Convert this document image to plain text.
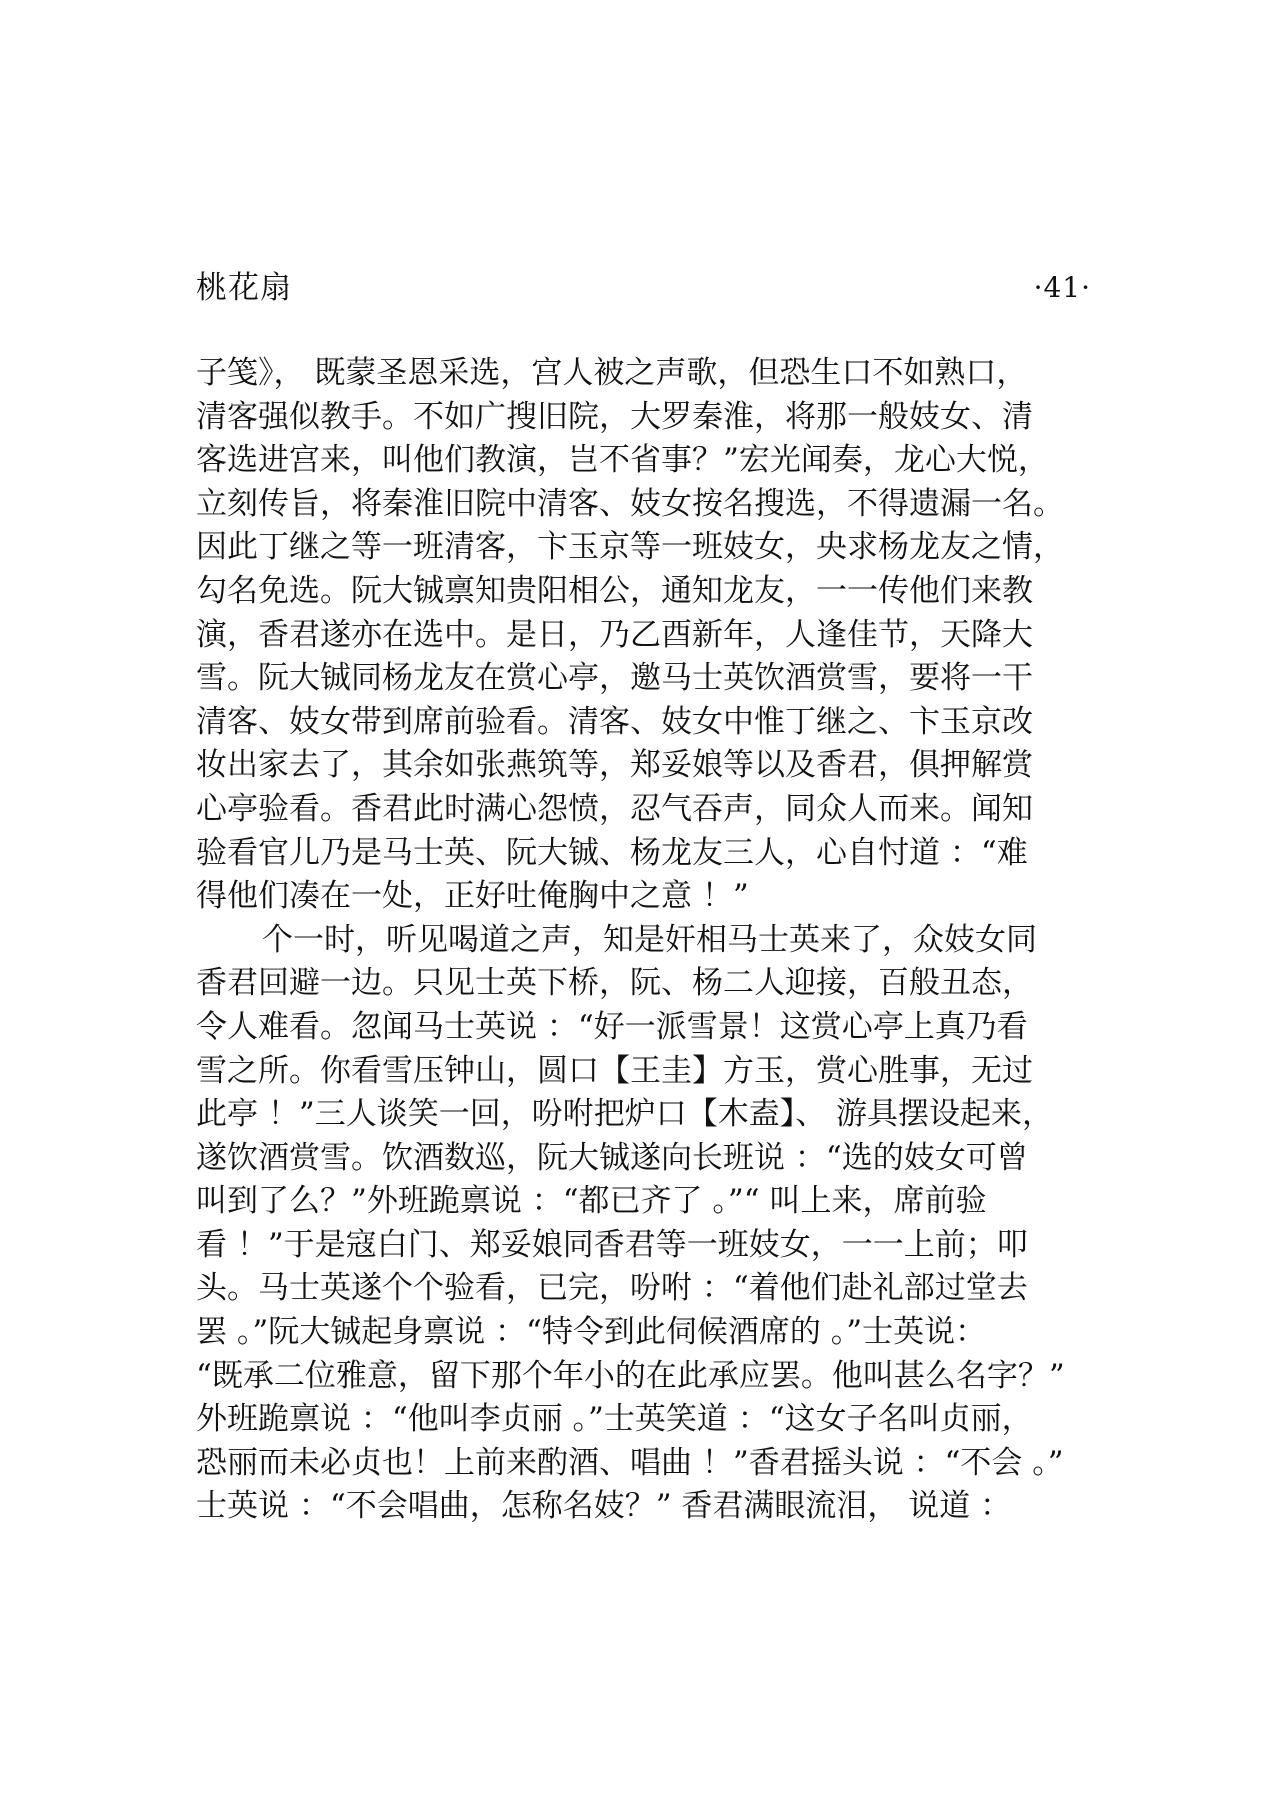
桃花扇	·41·
子笺》， 既蒙圣恩采选，宫人被之声歌，但恐生口不如熟口，
清客强似教手。不如广搜旧院，大罗秦淮，将那一般妓女、清
客选进宫来，叫他们教演，岂不省事？”宏光闻奏，龙心大悦，
立刻传旨，将秦淮旧院中清客、妓女按名搜选，不得遗漏一名。
因此丁继之等一班清客，卞玉京等一班妓女，央求杨龙友之情，
勾名免选。阮大铖禀知贵阳相公，通知龙友，一一传他们来教
演，香君遂亦在选中。是日，乃乙酉新年，人逢佳节，天降大
雪。阮大铖同杨龙友在赏心亭，邀马士英饮酒赏雪，要将一干
清客、妓女带到席前验看。清客、妓女中惟丁继之、卞玉京改
妆出家去了，其余如张燕筑等，郑妥娘等以及香君，俱押解赏
心亭验看。香君此时满心怨愤，忍气吞声，同众人而来。闻知
验看官儿乃是马士英、阮大铖、杨龙友三人，心自忖道 ：“难
得他们凑在一处，正好吐俺胸中之意 ！”
个一时，听见喝道之声，知是奸相马士英来了，众妓女同
香君回避一边。只见士英下桥，阮、杨二人迎接，百般丑态，
令人难看。忽闻马士英说 ：“好一派雪景！这赏心亭上真乃看
雪之所。你看雪压钟山，圆口【王圭】方玉，赏心胜事，无过
此亭 ！”三人谈笑一回，吩咐把炉口【木盍】、 游具摆设起来，
遂饮酒赏雪。饮酒数巡，阮大铖遂向长班说 ：“选的妓女可曾
叫到了么？”外班跪禀说 ：“都已齐了 。”“ 叫上来，席前验
看 ！”于是寇白门、郑妥娘同香君等一班妓女，一一上前；叩
头。马士英遂个个验看，已完，吩咐 ：“着他们赴礼部过堂去
罢 。”阮大铖起身禀说 ：“特令到此伺候酒席的 。”士英说：
“既承二位雅意，留下那个年小的在此承应罢。他叫甚么名字？”
外班跪禀说 ：“他叫李贞丽 。”士英笑道 ：“这女子名叫贞丽，
恐丽而未必贞也！上前来酌酒、唱曲 ！”香君摇头说 ：“不会 。”
士英说 ：“不会唱曲，怎称名妓？” 香君满眼流泪， 说道 ：
